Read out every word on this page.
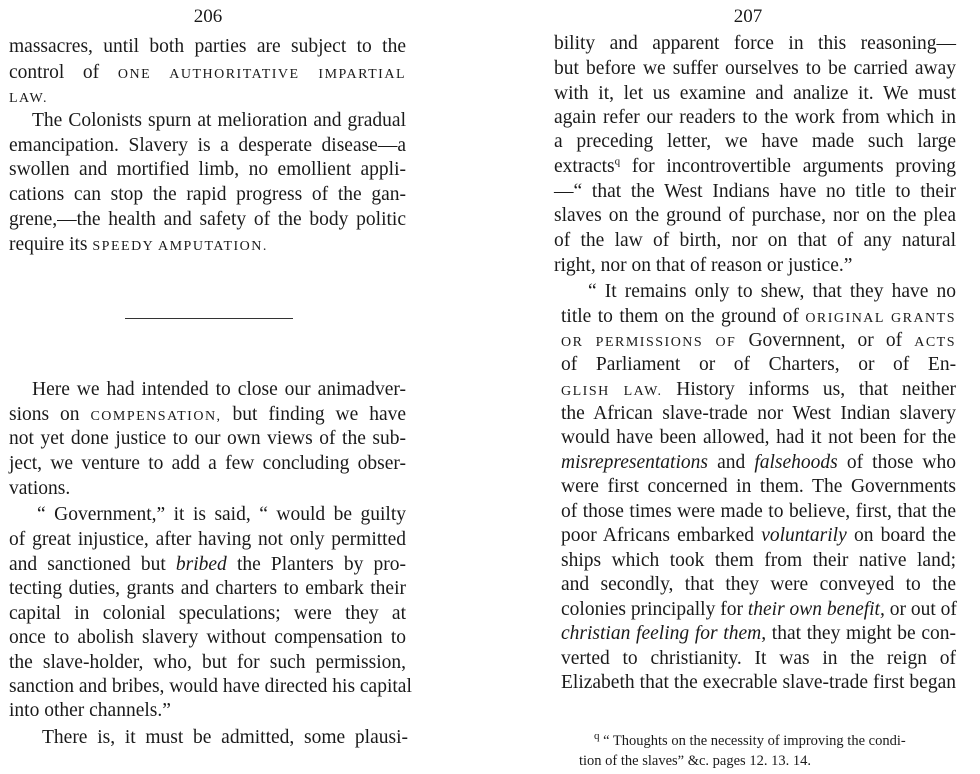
206
massacres, until both parties are subject to the
control of ONE AUTHORITATIVE IMPARTIAL
LAW.
The Colonists spurn at melioration and gradual
emancipation. Slavery is a desperate disease—a
swollen and mortified limb, no emollient appli-
cations can stop the rapid progress of the gan-
grene,—the health and safety of the body politic
require its SPEEDY AMPUTATION.
Here we had intended to close our animadver-
sions on COMPENSATION, but finding we have
not yet done justice to our own views of the sub-
ject, we venture to add a few concluding obser-
vations.
“ Government,” it is said, “ would be guilty
of great injustice, after having not only permitted
and sanctioned but bribed the Planters by pro-
tecting duties, grants and charters to embark their
capital in colonial speculations; were they at
once to abolish slavery without compensation to
the slave-holder, who, but for such permission,
sanction and bribes, would have directed his capital
into other channels.”
There is, it must be admitted, some plausi-
207
bility and apparent force in this reasoning—
but before we suffer ourselves to be carried away
with it, let us examine and analize it. We must
again refer our readers to the work from which in
a preceding letter, we have made such large
extracts$^q$ for incontrovertible arguments proving
—“ that the West Indians have no title to their
slaves on the ground of purchase, nor on the plea
of the law of birth, nor on that of any natural
right, nor on that of reason or justice.”
“ It remains only to shew, that they have no
title to them on the ground of ORIGINAL GRANTS
OR PERMISSIONS OF Governnent, or of ACTS
of Parliament or of Charters, or of En-
GLISH LAW. History informs us, that neither
the African slave-trade nor West Indian slavery
would have been allowed, had it not been for the
misrepresentations and falsehoods of those who
were first concerned in them. The Governments
of those times were made to believe, first, that the
poor Africans embarked voluntarily on board the
ships which took them from their native land;
and secondly, that they were conveyed to the
colonies principally for their own benefit, or out of
christian feeling for them, that they might be con-
verted to christianity. It was in the reign of
Elizabeth that the execrable slave-trade first began
$^q$ “ Thoughts on the necessity of improving the condi-
tion of the slaves” &c. pages 12. 13. 14.
